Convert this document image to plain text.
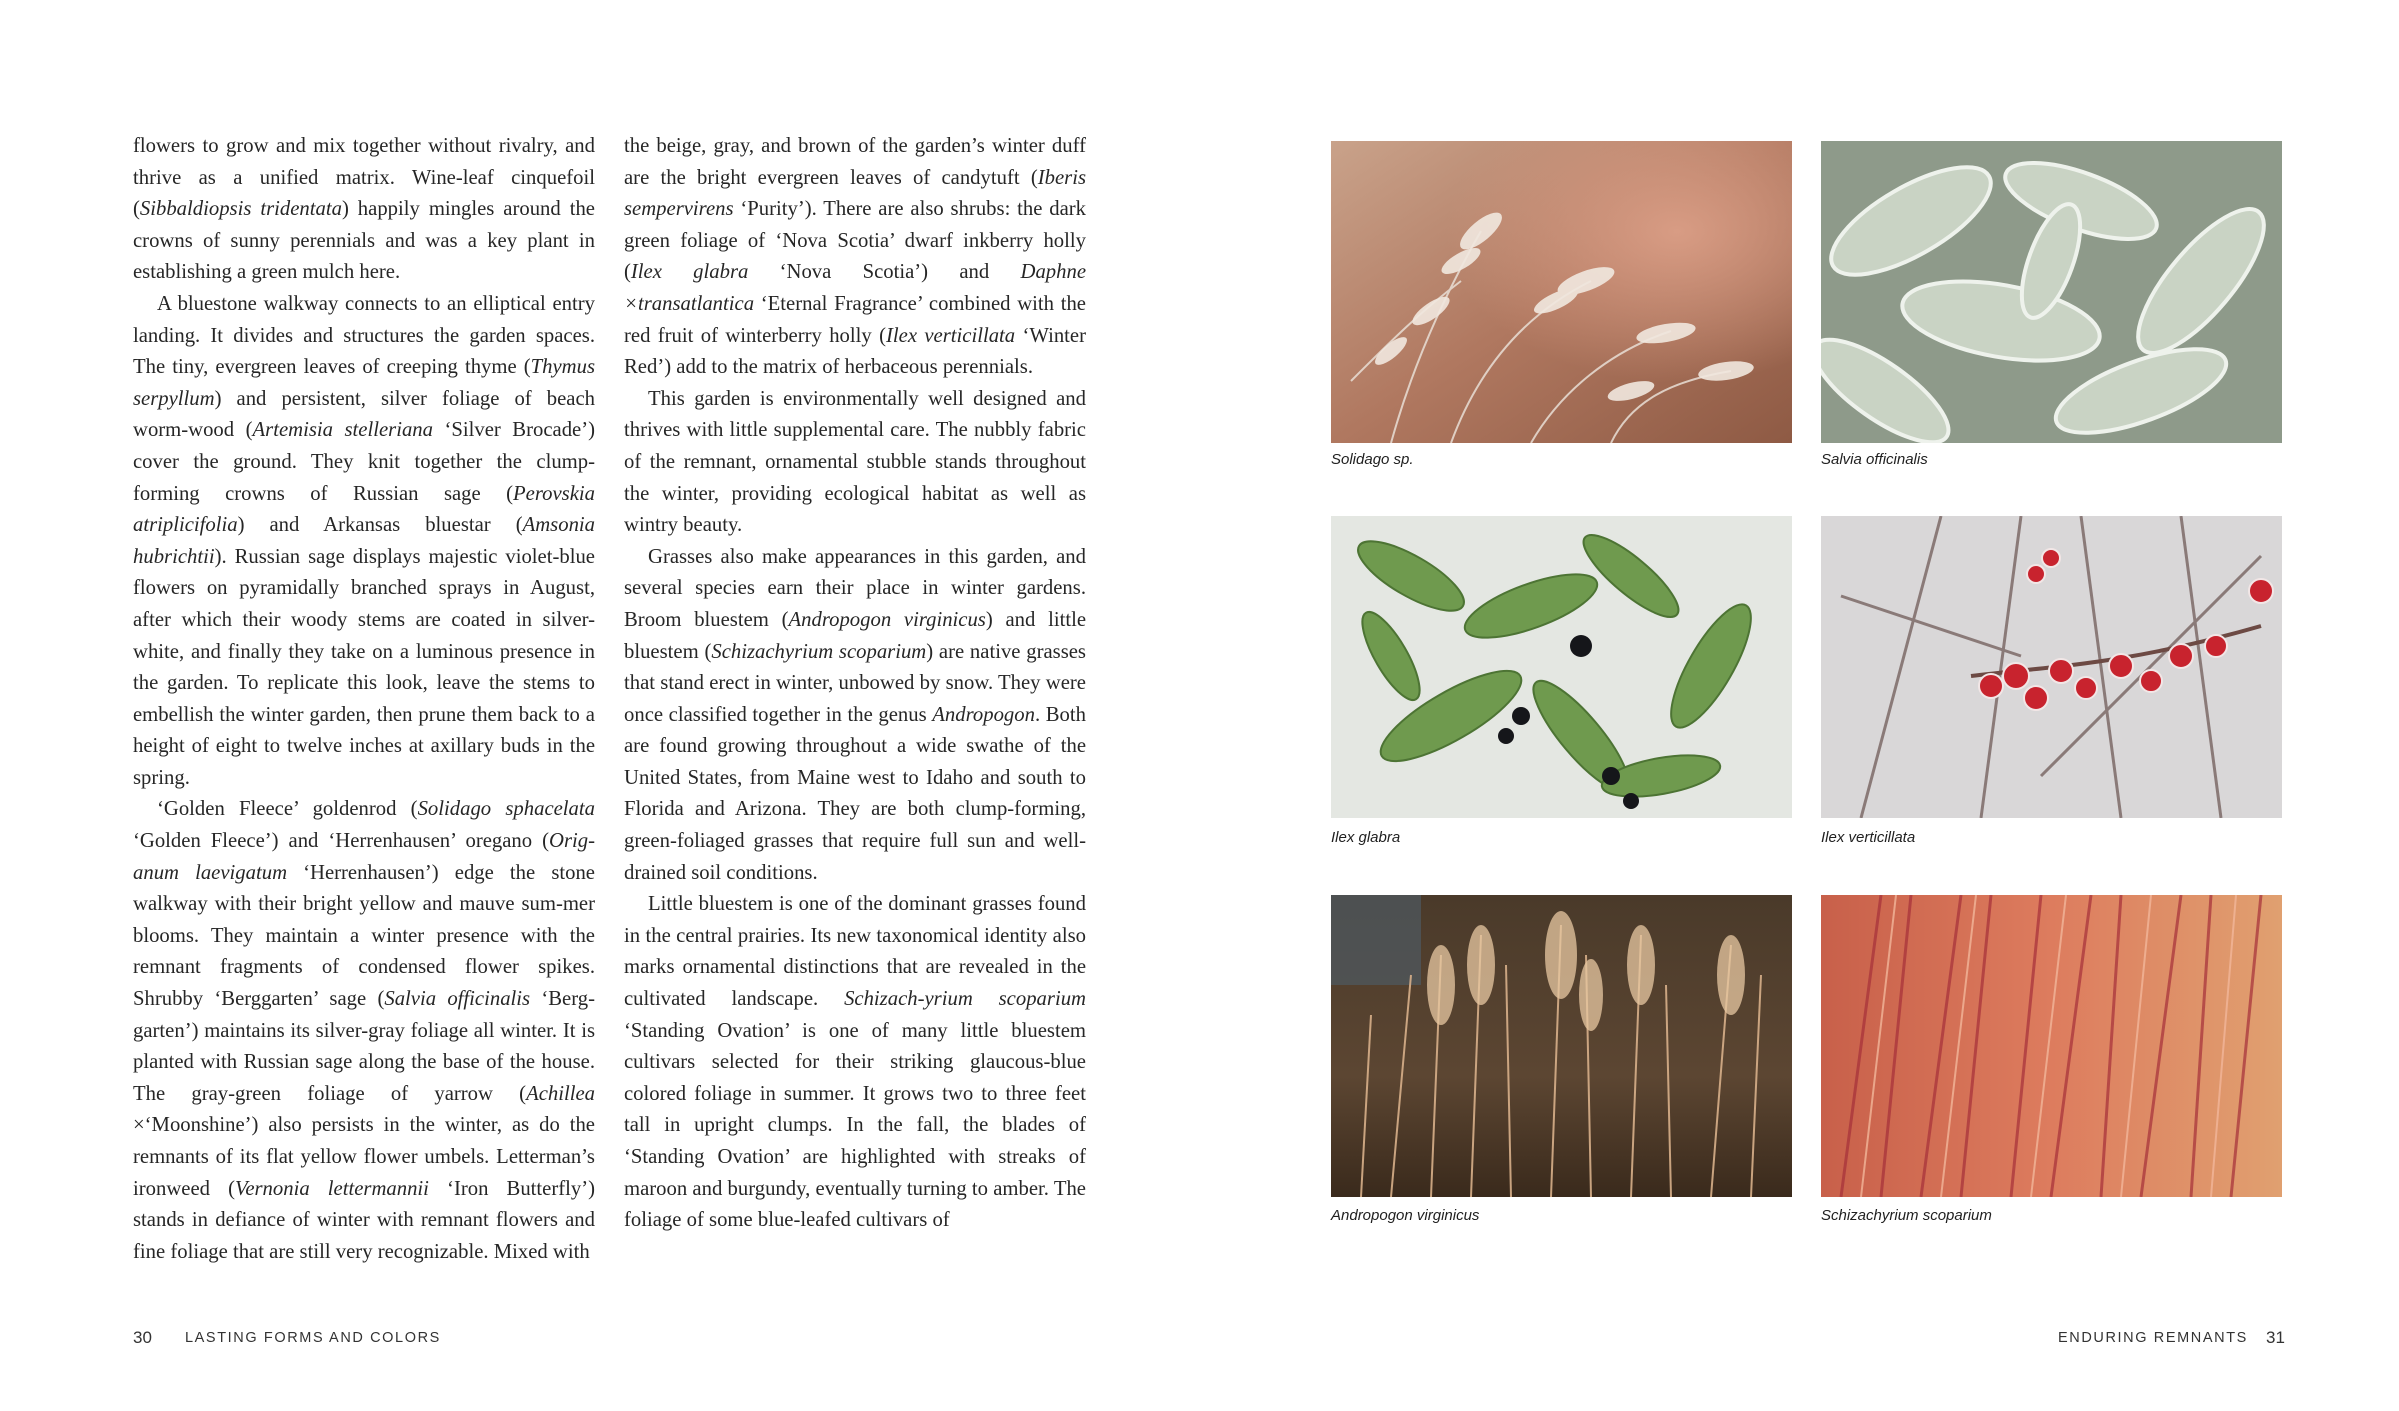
flowers to grow and mix together without rivalry, and thrive as a unified matrix. Wine-leaf cinquefoil (Sibbaldiopsis tridentata) happily mingles around the crowns of sunny perennials and was a key plant in establishing a green mulch here.

A bluestone walkway connects to an elliptical entry landing. It divides and structures the garden spaces. The tiny, evergreen leaves of creeping thyme (Thymus serpyllum) and persistent, silver foliage of beach worm-wood (Artemisia stelleriana ‘Silver Brocade’) cover the ground. They knit together the clump-forming crowns of Russian sage (Perovskia atriplicifolia) and Arkansas bluestar (Amsonia hubrichtii). Russian sage displays majestic violet-blue flowers on pyramidally branched sprays in August, after which their woody stems are coated in silver-white, and finally they take on a luminous presence in the garden. To replicate this look, leave the stems to embellish the winter garden, then prune them back to a height of eight to twelve inches at axillary buds in the spring.

‘Golden Fleece’ goldenrod (Solidago sphacelata ‘Golden Fleece’) and ‘Herrenhausen’ oregano (Orig-anum laevigatum ‘Herrenhausen’) edge the stone walkway with their bright yellow and mauve sum-mer blooms. They maintain a winter presence with the remnant fragments of condensed flower spikes. Shrubby ‘Berggarten’ sage (Salvia officinalis ‘Berg-garten’) maintains its silver-gray foliage all winter. It is planted with Russian sage along the base of the house. The gray-green foliage of yarrow (Achillea ×‘Moonshine’) also persists in the winter, as do the remnants of its flat yellow flower umbels. Letterman’s ironweed (Vernonia lettermannii ‘Iron Butterfly’) stands in defiance of winter with remnant flowers and fine foliage that are still very recognizable. Mixed with

the beige, gray, and brown of the garden’s winter duff are the bright evergreen leaves of candytuft (Iberis sempervirens ‘Purity’). There are also shrubs: the dark green foliage of ‘Nova Scotia’ dwarf inkberry holly (Ilex glabra ‘Nova Scotia’) and Daphne ×transatlantica ‘Eternal Fragrance’ combined with the red fruit of winterberry holly (Ilex verticillata ‘Winter Red’) add to the matrix of herbaceous perennials.

This garden is environmentally well designed and thrives with little supplemental care. The nubbly fabric of the remnant, ornamental stubble stands throughout the winter, providing ecological habitat as well as wintry beauty.

Grasses also make appearances in this garden, and several species earn their place in winter gardens. Broom bluestem (Andropogon virginicus) and little bluestem (Schizachyrium scoparium) are native grasses that stand erect in winter, unbowed by snow. They were once classified together in the genus Andropogon. Both are found growing throughout a wide swathe of the United States, from Maine west to Idaho and south to Florida and Arizona. They are both clump-forming, green-foliaged grasses that require full sun and well-drained soil conditions.

Little bluestem is one of the dominant grasses found in the central prairies. Its new taxonomical identity also marks ornamental distinctions that are revealed in the cultivated landscape. Schizach-yrium scoparium ‘Standing Ovation’ is one of many little bluestem cultivars selected for their striking glaucous-blue colored foliage in summer. It grows two to three feet tall in upright clumps. In the fall, the blades of ‘Standing Ovation’ are highlighted with streaks of maroon and burgundy, eventually turning to amber. The foliage of some blue-leafed cultivars of

Solidago sp.	Salvia officinalis
Ilex glabra	Ilex verticillata
Andropogon virginicus	Schizachyrium scoparium
30 LASTING FORMS AND COLORS	ENDURING REMNANTS 31
